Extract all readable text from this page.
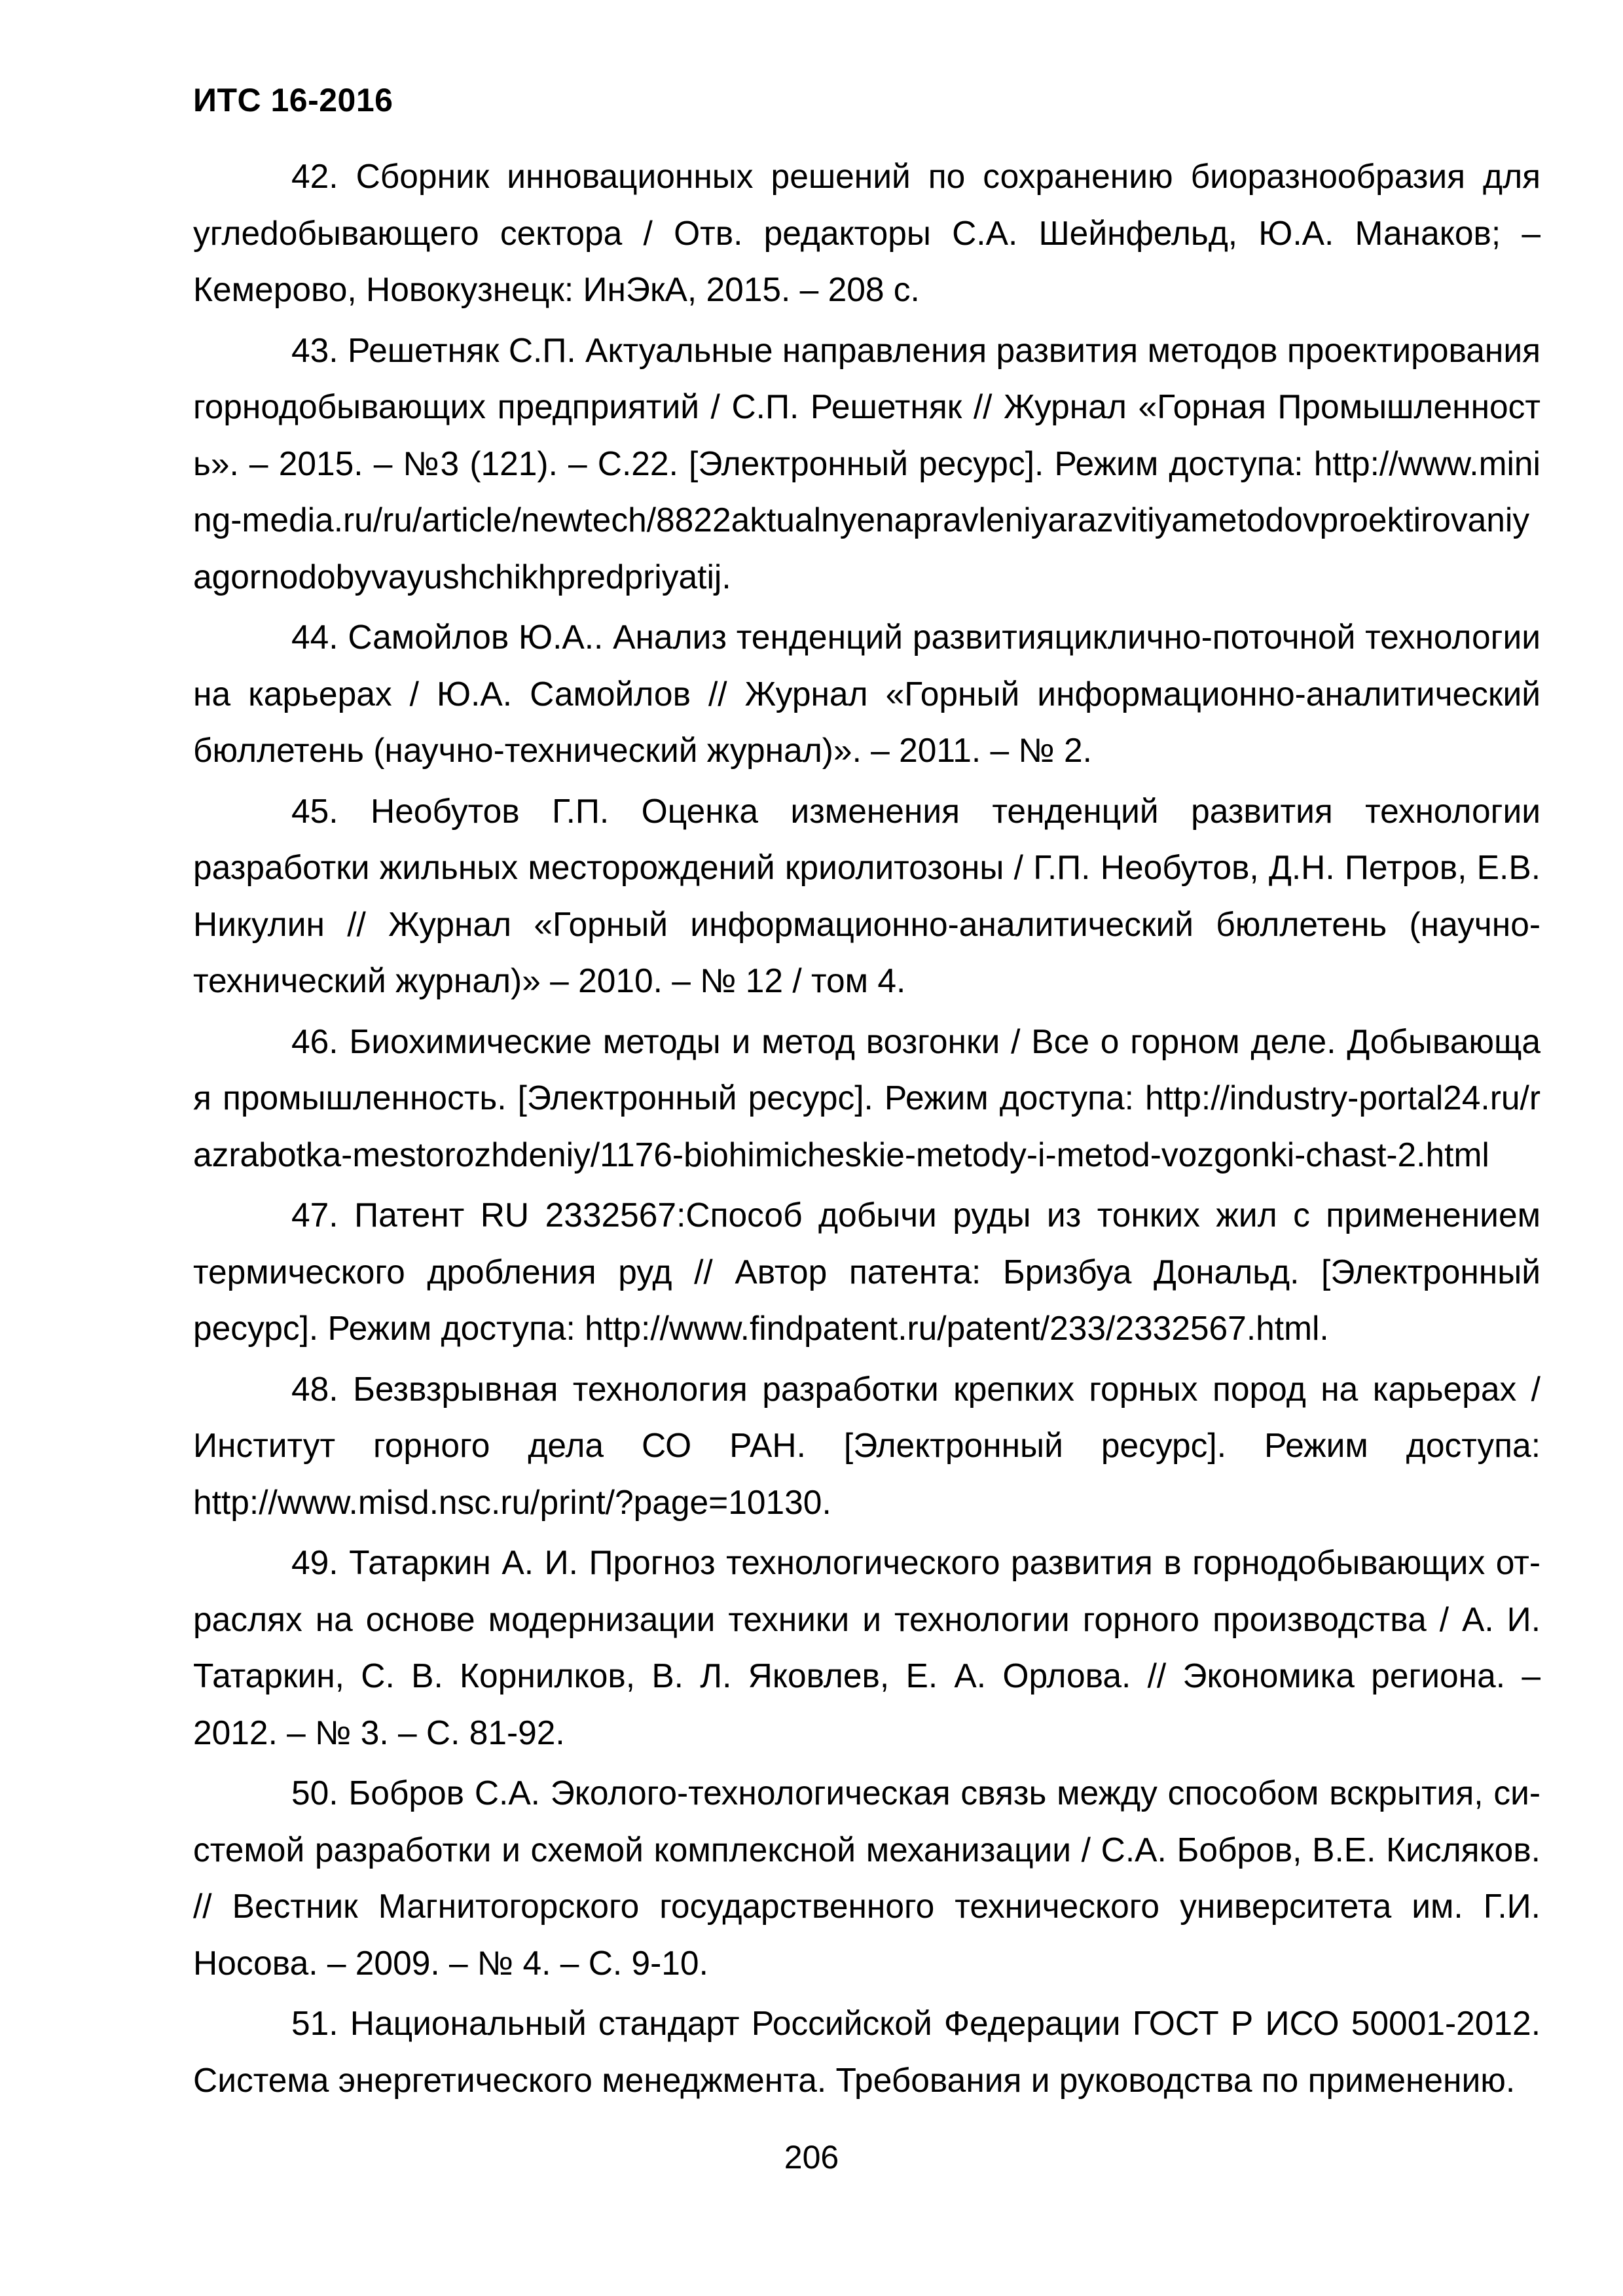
ИТС 16-2016
42. Сборник инновационных решений по сохранению биоразнообразия для углеdобывающего сектора / Отв. редакторы С.А. Шейнфельд, Ю.А. Манаков; – Кемерово, Новокузнецк: ИнЭкА, 2015. – 208 с.
43. Решетняк С.П. Актуальные направления развития методов проектирования горнодобывающих предприятий / С.П. Решетняк // Журнал «Горная Промышленность». – 2015. – №3 (121). – С.22. [Электронный ресурс]. Режим доступа: http://www.mining-media.ru/ru/article/newtech/8822aktualnyenapravleniyarazvitiyametodovproektirovaniyagornodobyvayushchikhpredpriyatij.
44. Самойлов Ю.А.. Анализ тенденций развитияциклично-поточной технологии на карьерах / Ю.А. Самойлов // Журнал «Горный информационно-аналитический бюллетень (научно-технический журнал)». – 2011. – № 2.
45. Необутов Г.П. Оценка изменения тенденций развития технологии разработки жильных месторождений криолитозоны / Г.П. Необутов, Д.Н. Петров, Е.В. Никулин // Журнал «Горный информационно-аналитический бюллетень (научно-технический журнал)» – 2010. – № 12 / том 4.
46. Биохимические методы и метод возгонки / Все о горном деле. Добывающая промышленность. [Электронный ресурс]. Режим доступа: http://industry-portal24.ru/razrabotka-mestorozhdeniy/1176-biohimicheskie-metody-i-metod-vozgonki-chast-2.html
47. Патент RU 2332567:Способ добычи руды из тонких жил с применением термического дробления руд // Автор патента: Бризбуа Дональд. [Электронный ресурс]. Режим доступа: http://www.findpatent.ru/patent/233/2332567.html.
48. Безвзрывная технология разработки крепких горных пород на карьерах / Институт горного дела СО РАН. [Электронный ресурс]. Режим доступа: http://www.misd.nsc.ru/print/?page=10130.
49. Татаркин А. И. Прогноз технологического развития в горнодобывающих отраслях на основе модернизации техники и технологии горного производства / А. И. Татаркин, С. В. Корнилков, В. Л. Яковлев, Е. А. Орлова. // Экономика региона. – 2012. – № 3. – С. 81-92.
50. Бобров С.А. Эколого-технологическая связь между способом вскрытия, системой разработки и схемой комплексной механизации / С.А. Бобров, В.Е. Кисляков. // Вестник Магнитогорского государственного технического университета им. Г.И. Носова. – 2009. – № 4. – С. 9-10.
51. Национальный стандарт Российской Федерации ГОСТ Р ИСО 50001-2012. Система энергетического менеджмента. Требования и руководства по применению.
206
